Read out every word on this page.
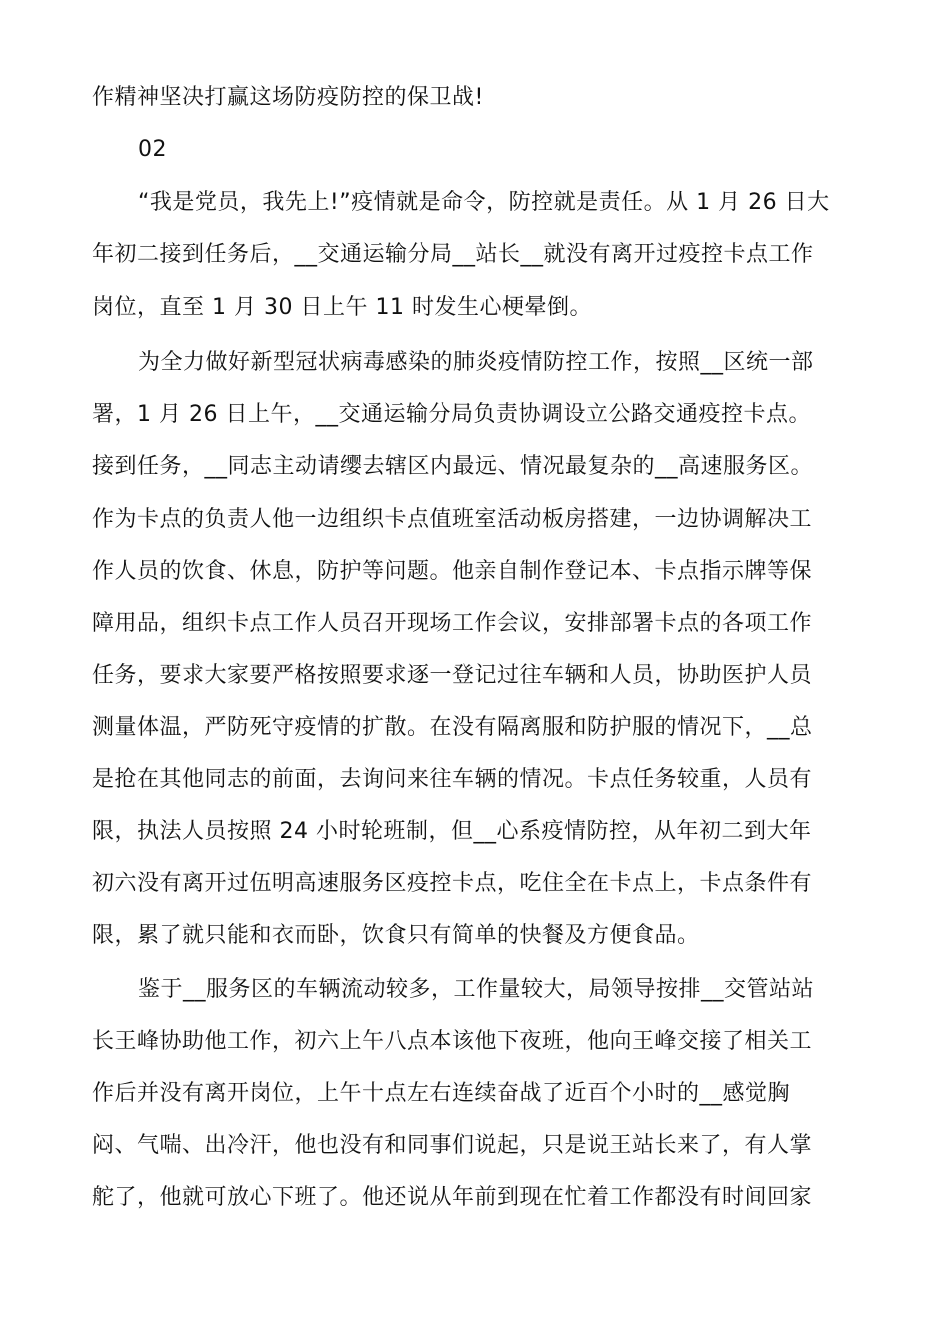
作精神坚决打赢这场防疫防控的保卫战!
02
“我是党员，我先上!”疫情就是命令，防控就是责任。从 1 月 26 日大
年初二接到任务后，__交通运输分局__站长__就没有离开过疫控卡点工作
岗位，直至 1 月 30 日上午 11 时发生心梗晕倒。
为全力做好新型冠状病毒感染的肺炎疫情防控工作，按照__区统一部
署，1 月 26 日上午，__交通运输分局负责协调设立公路交通疫控卡点。
接到任务，__同志主动请缨去辖区内最远、情况最复杂的__高速服务区。
作为卡点的负责人他一边组织卡点值班室活动板房搭建，一边协调解决工
作人员的饮食、休息，防护等问题。他亲自制作登记本、卡点指示牌等保
障用品，组织卡点工作人员召开现场工作会议，安排部署卡点的各项工作
任务，要求大家要严格按照要求逐一登记过往车辆和人员，协助医护人员
测量体温，严防死守疫情的扩散。在没有隔离服和防护服的情况下，__总
是抢在其他同志的前面，去询问来往车辆的情况。卡点任务较重，人员有
限，执法人员按照 24 小时轮班制，但__心系疫情防控，从年初二到大年
初六没有离开过伍明高速服务区疫控卡点，吃住全在卡点上，卡点条件有
限，累了就只能和衣而卧，饮食只有简单的快餐及方便食品。
鉴于__服务区的车辆流动较多，工作量较大，局领导按排__交管站站
长王峰协助他工作，初六上午八点本该他下夜班，他向王峰交接了相关工
作后并没有离开岗位，上午十点左右连续奋战了近百个小时的__感觉胸
闷、气喘、出冷汗，他也没有和同事们说起，只是说王站长来了，有人掌
舵了，他就可放心下班了。他还说从年前到现在忙着工作都没有时间回家
